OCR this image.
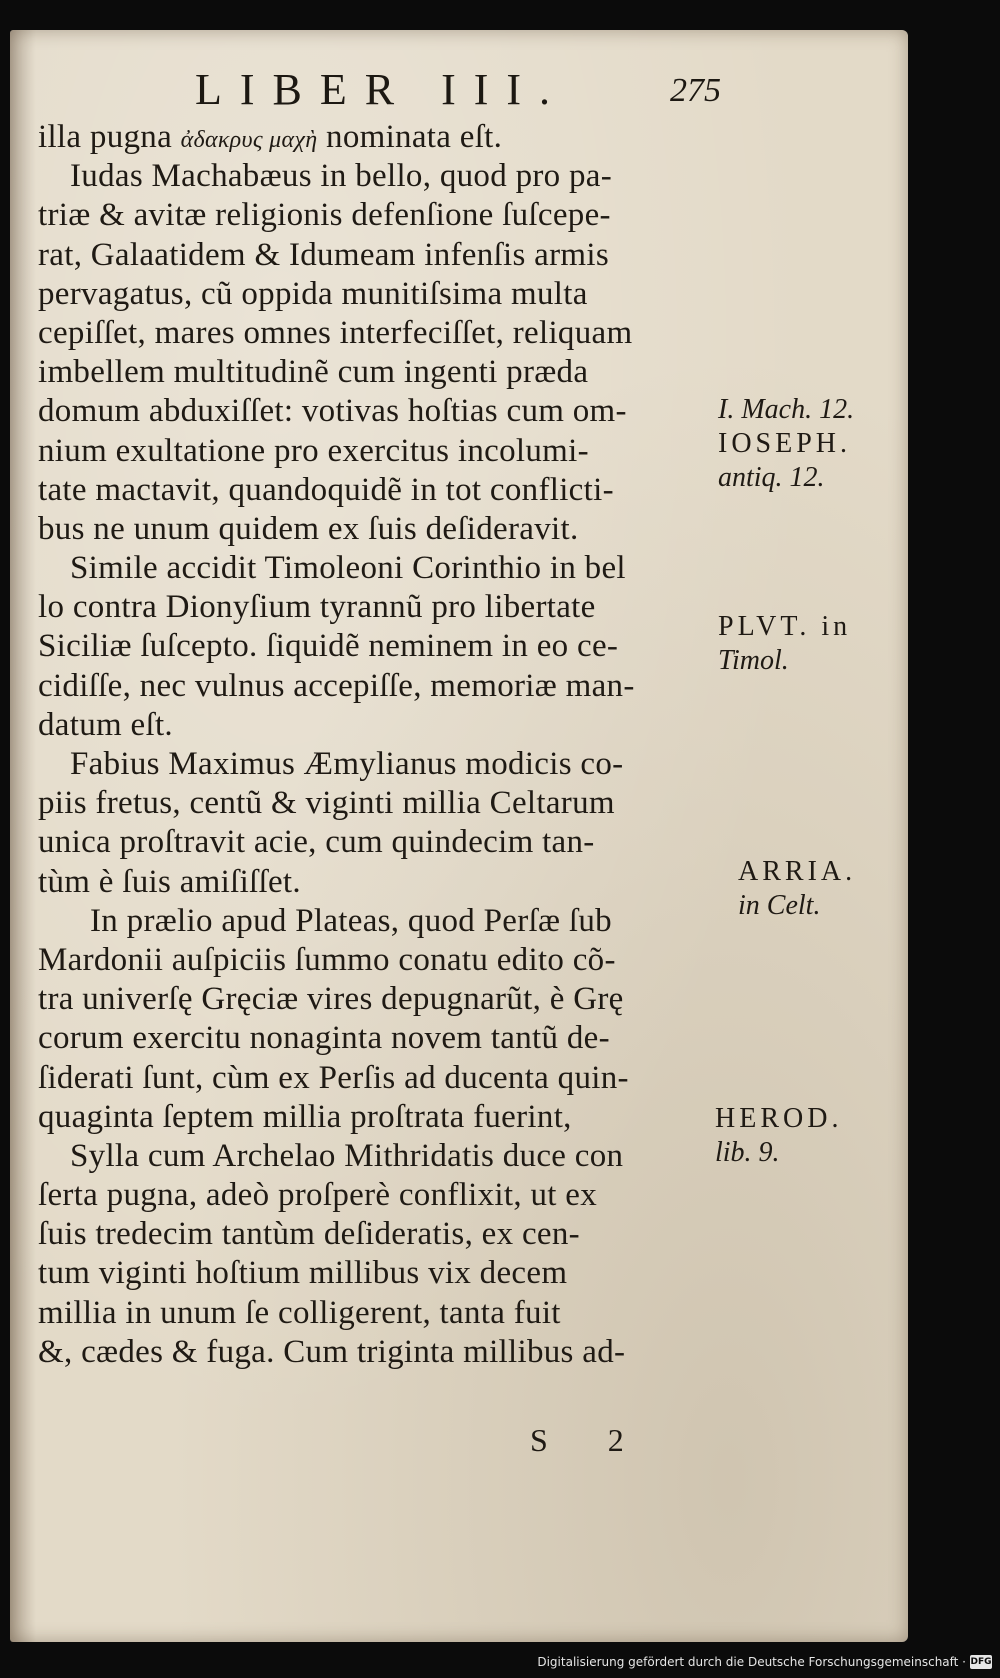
LIBER III.	275
illa pugna ἀδακρυς μαχὴ nominata eſt.
Iudas Machabæus in bello, quod pro pa-
triæ & avitæ religionis defenſione ſuſcepe-
rat, Galaatidem & Idumeam infenſis armis
pervagatus, cũ oppida munitiſsima multa
cepiſſet, mares omnes interfeciſſet, reliquam
imbellem multitudinẽ cum ingenti præda
domum abduxiſſet: votivas hoſtias cum om-
nium exultatione pro exercitus incolumi-
tate mactavit, quandoquidẽ in tot conflicti-
bus ne unum quidem ex ſuis deſideravit.
Simile accidit Timoleoni Corinthio in bel
lo contra Dionyſium tyrannũ pro libertate
Siciliæ ſuſcepto. ſiquidẽ neminem in eo ce-
cidiſſe, nec vulnus accepiſſe, memoriæ man-
datum eſt.
Fabius Maximus Æmylianus modicis co-
piis fretus, centũ & viginti millia Celtarum
unica proſtravit acie, cum quindecim tan-
tùm è ſuis amiſiſſet.
In prælio apud Plateas, quod Perſæ ſub
Mardonii auſpiciis ſummo conatu edito cõ-
tra univerſę Gręciæ vires depugnarũt, è Grę
corum exercitu nonaginta novem tantũ de-
ſiderati ſunt, cùm ex Perſis ad ducenta quin-
quaginta ſeptem millia proſtrata fuerint,
Sylla cum Archelao Mithridatis duce con
ſerta pugna, adeò proſperè conflixit, ut ex
ſuis tredecim tantùm deſideratis, ex cen-
tum viginti hoſtium millibus vix decem
millia in unum ſe colligerent, tanta fuit
&, cædes & fuga. Cum triginta millibus ad-
I. Mach. 12.
IOSEPH.
antiq. 12.
PLVT. in
Timol.
ARRIA.
in Celt.
HEROD.
lib. 9.
S 2
Digitalisierung gefördert durch die Deutsche Forschungsgemeinschaft · DFG
